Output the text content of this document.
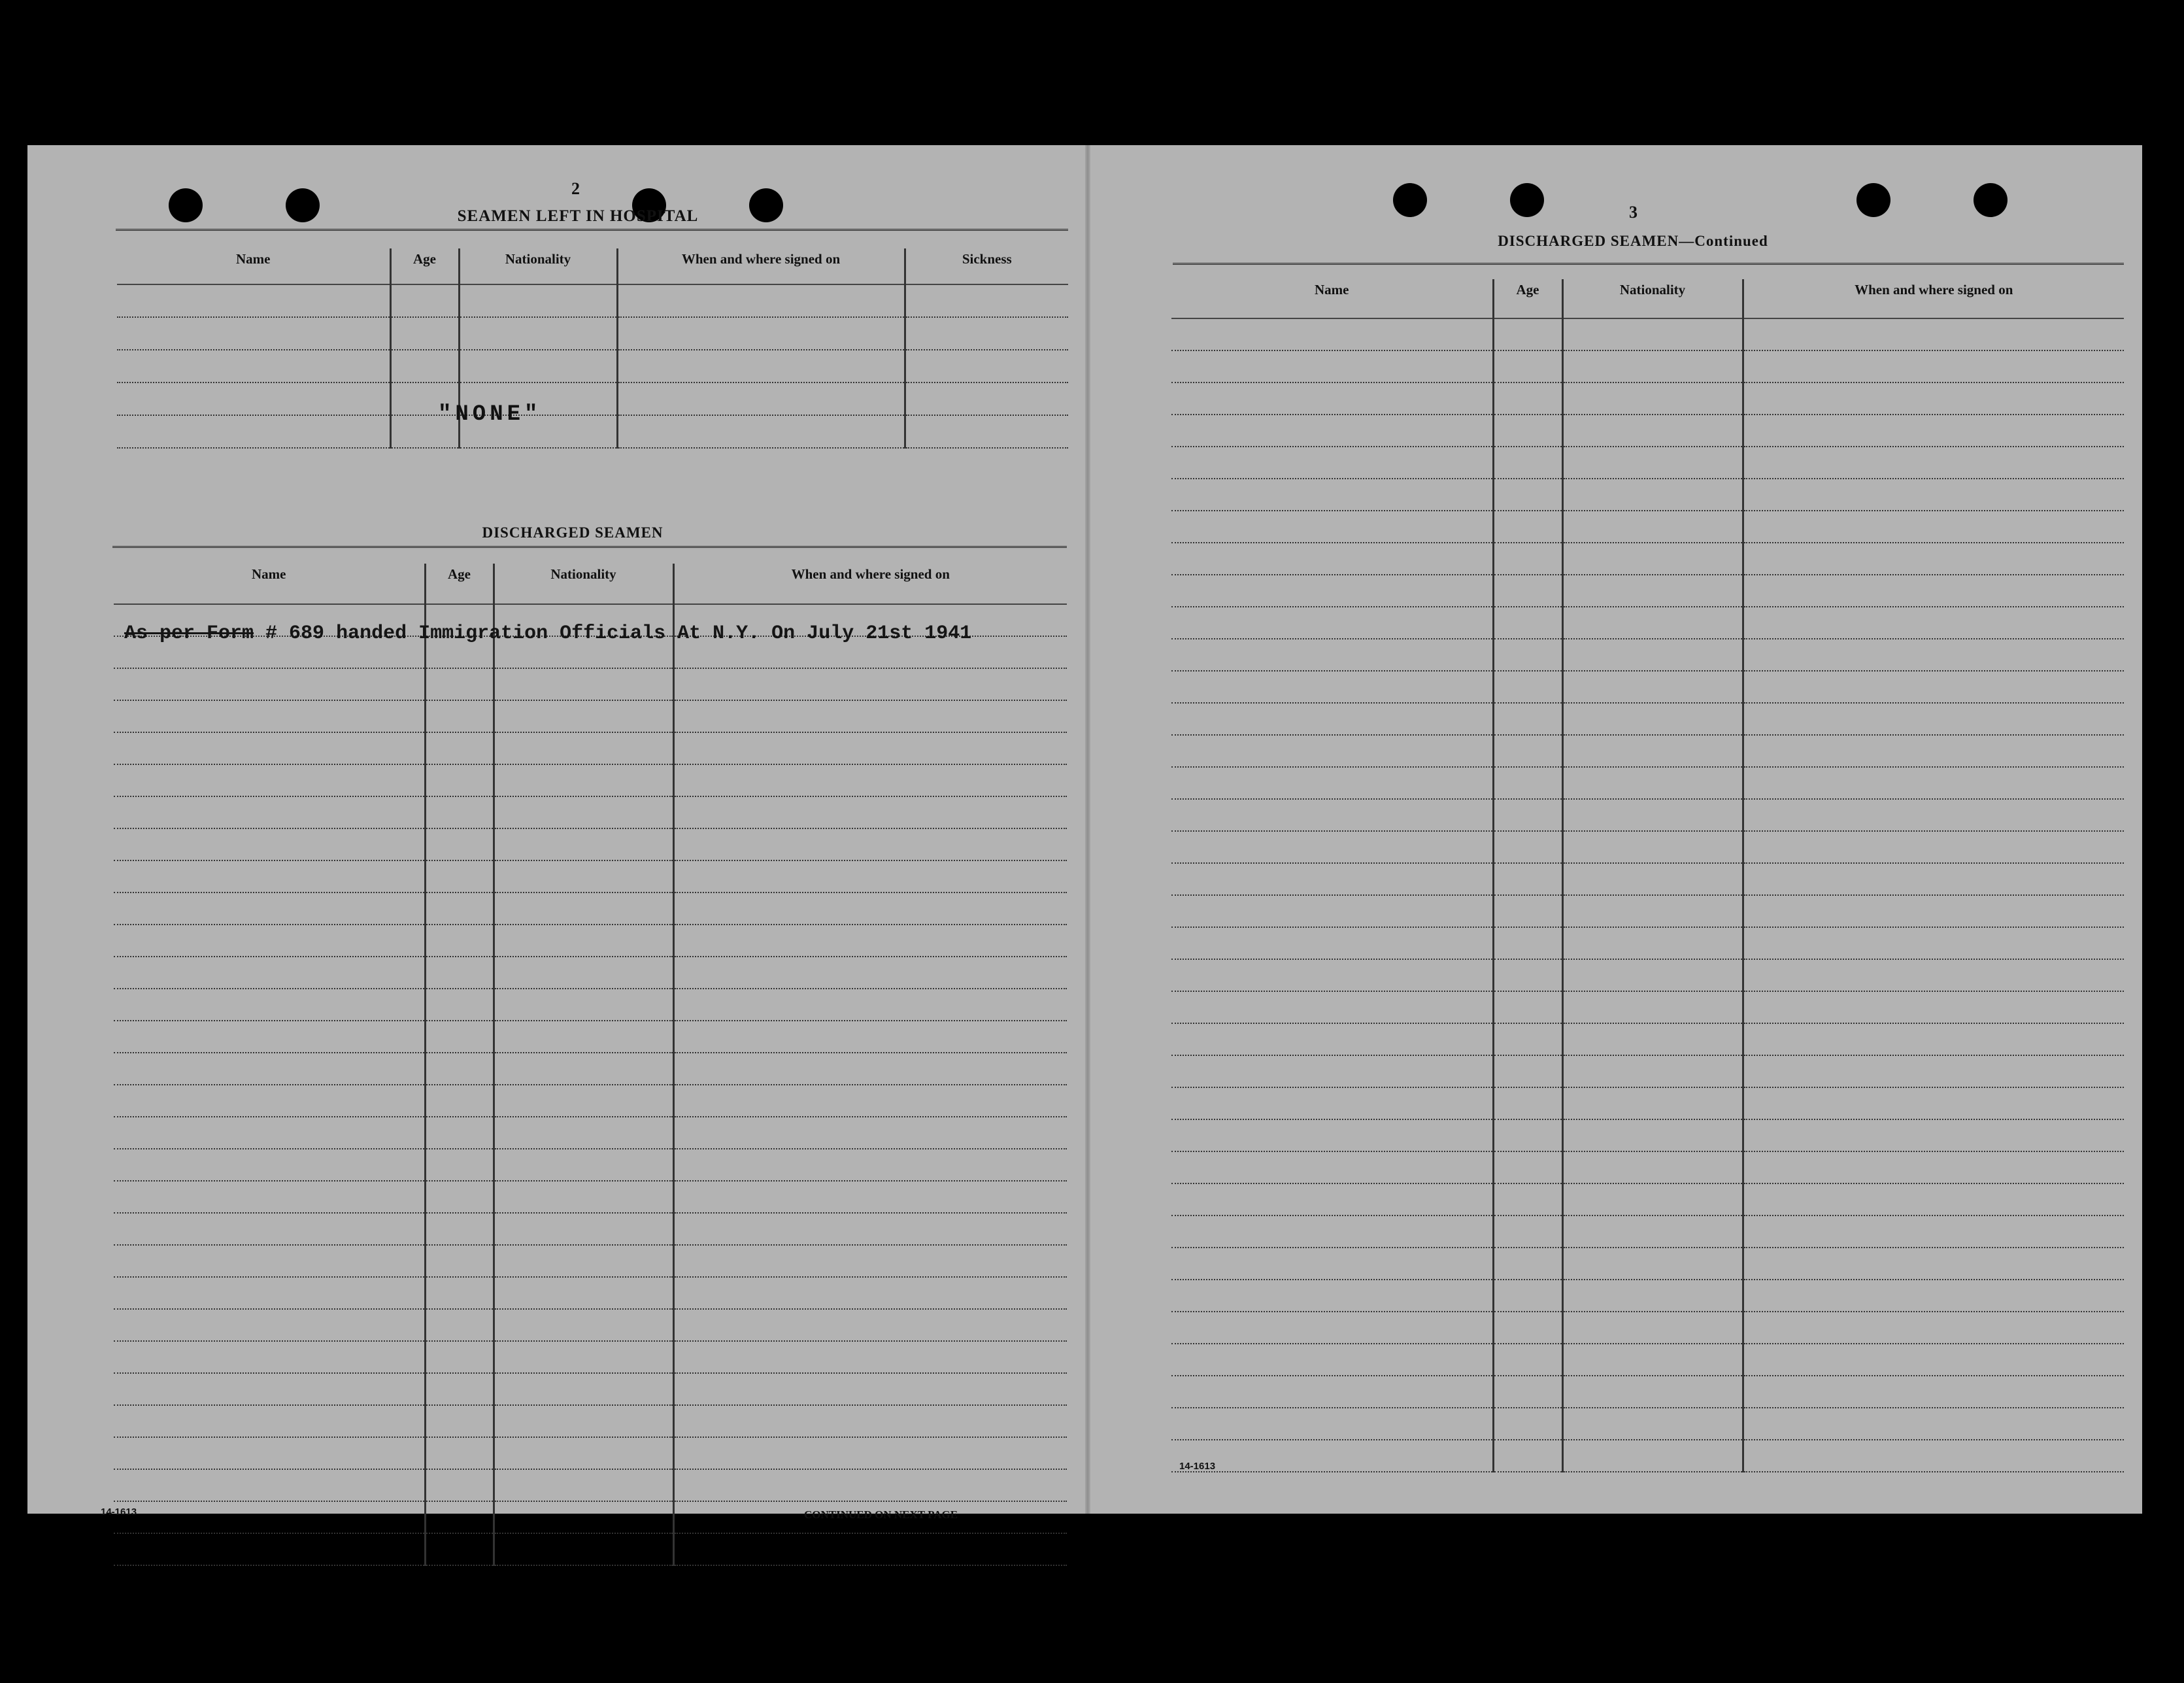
2
SEAMEN LEFT IN HOSPITAL
Name	Age	Nationality	When and where signed on	Sickness

"NONE"
DISCHARGED SEAMEN
Name	Age	Nationality	When and where signed on

As per Form # 689 handed Immigration Officials At N.Y. On July 21st 1941
14-1613	CONTINUED ON NEXT PAGE
3
DISCHARGED SEAMEN—Continued
Name	Age	Nationality	When and where signed on

14-1613
